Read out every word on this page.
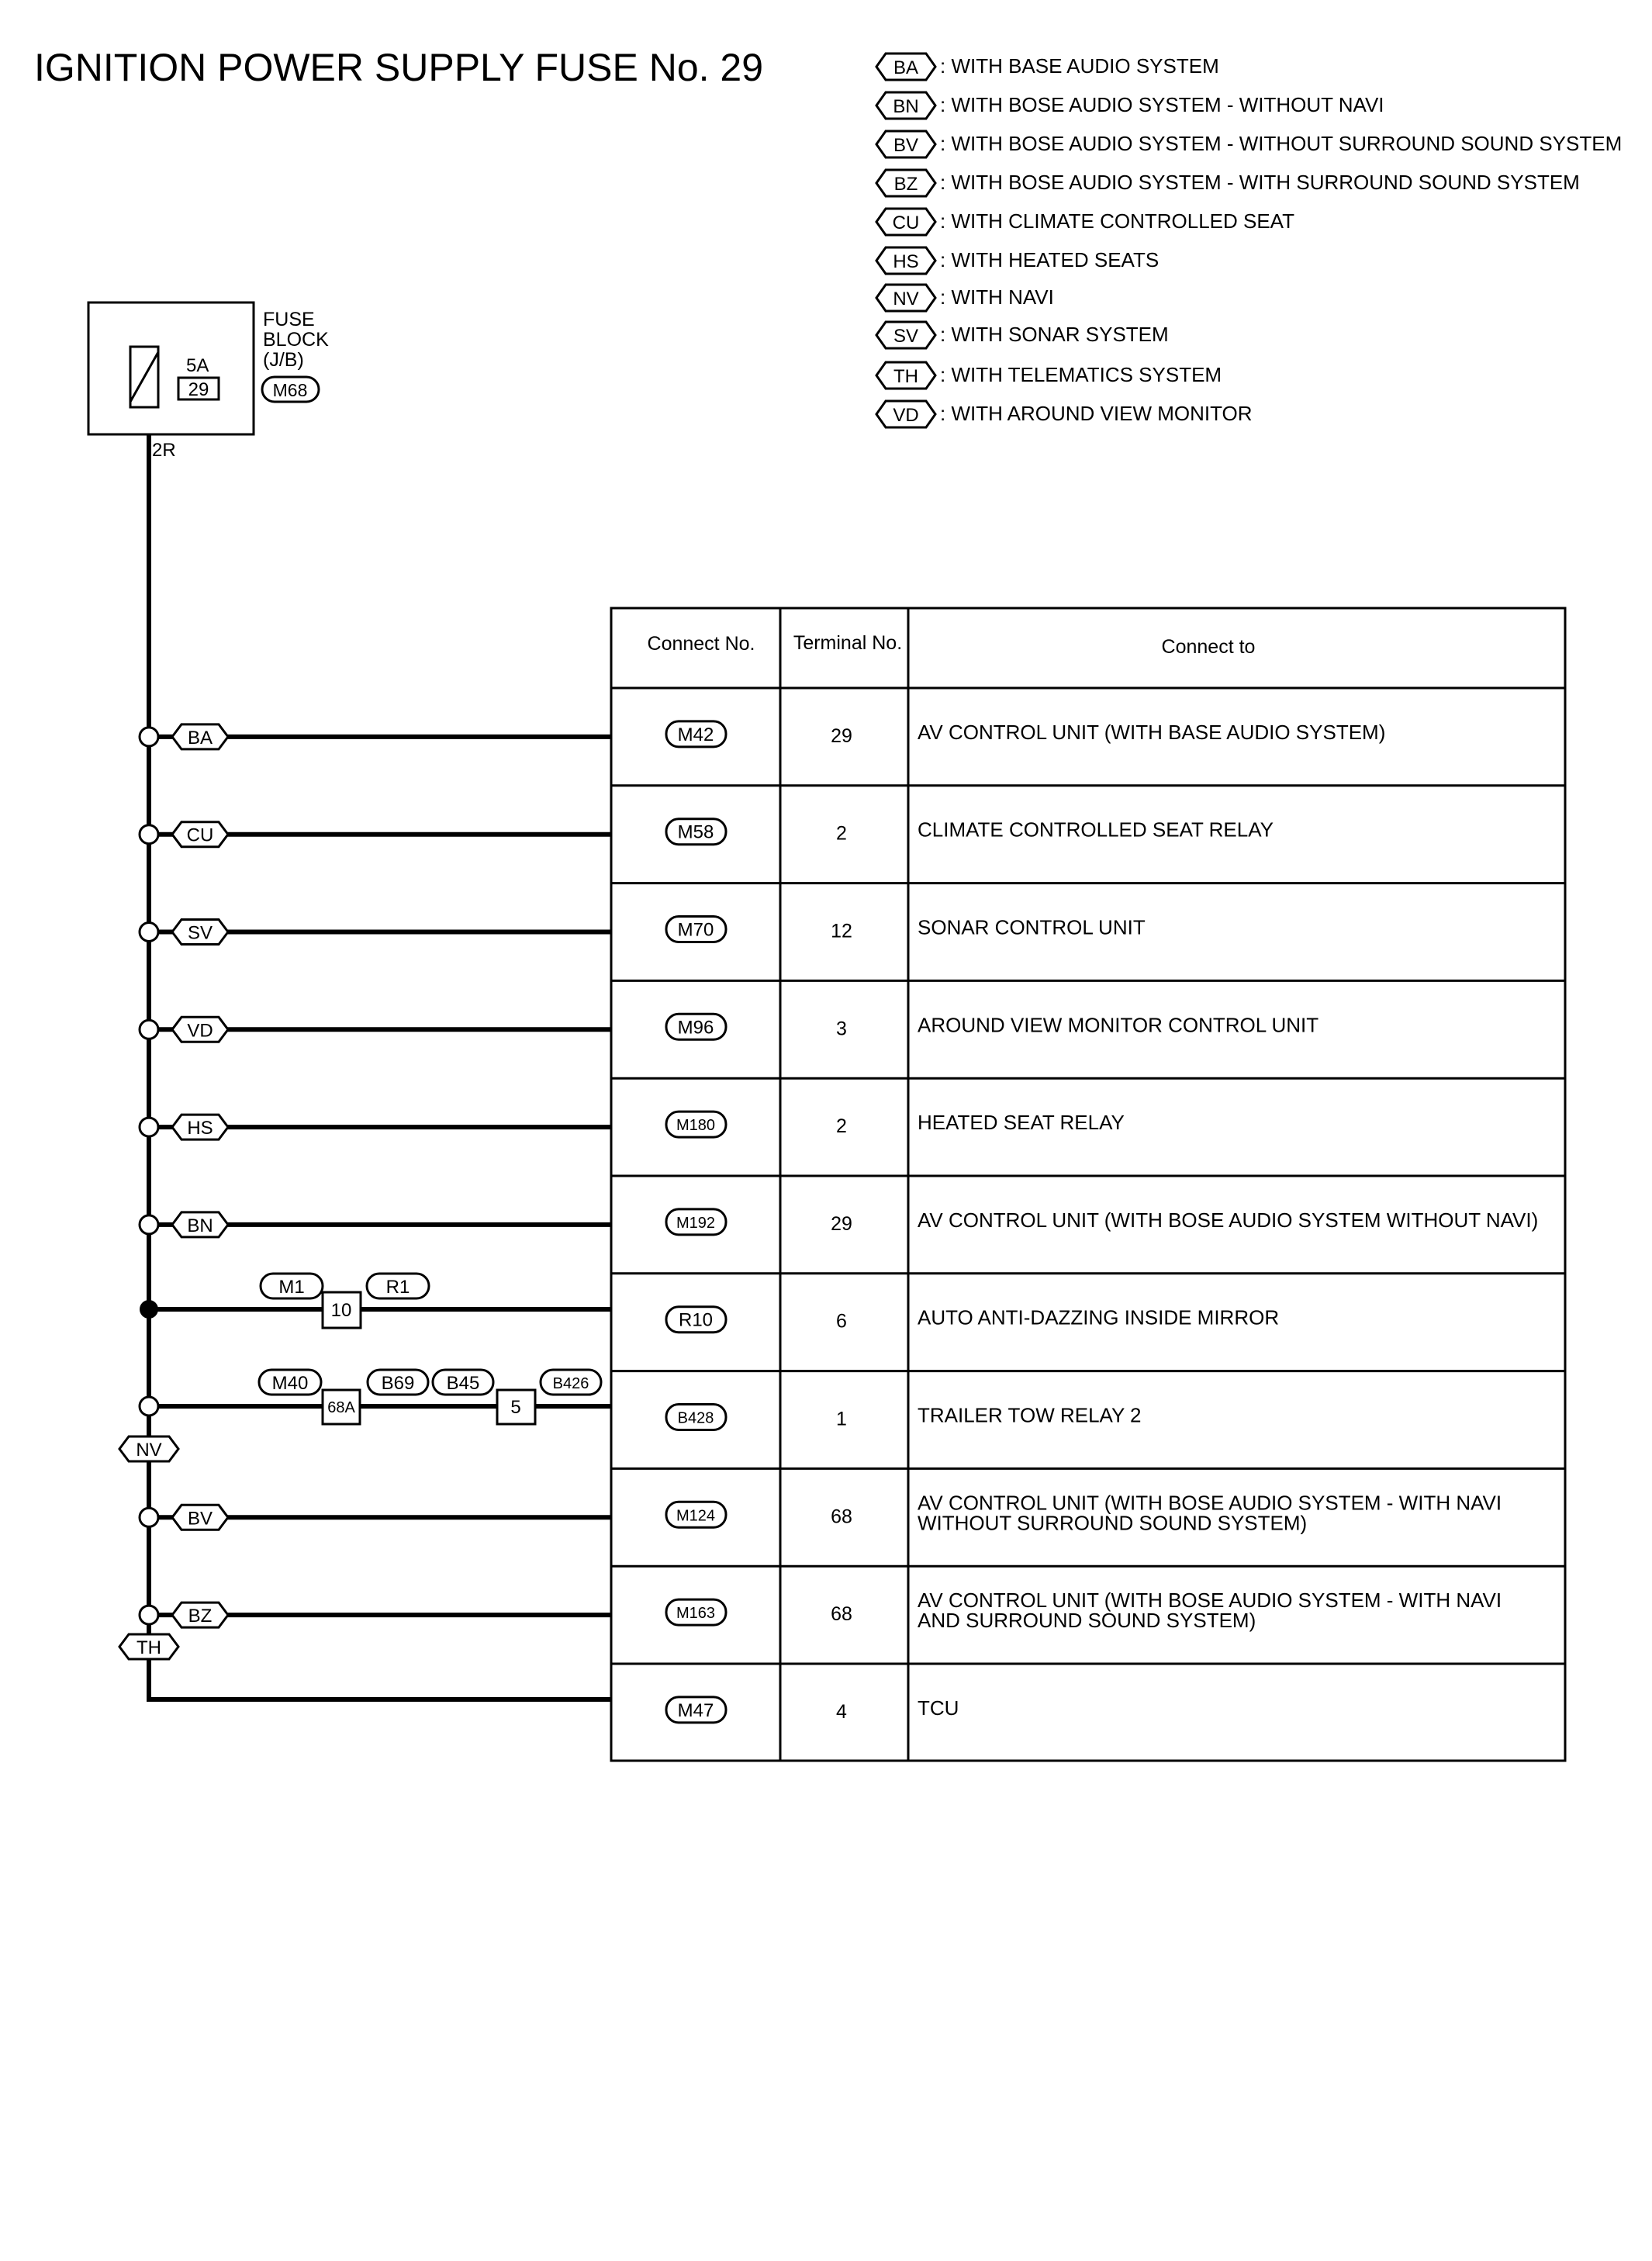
IGNITION POWER SUPPLY FUSE No. 29	BA : WITH BASE AUDIO SYSTEM
BN : WITH BOSE AUDIO SYSTEM - WITHOUT NAVI
BV : WITH BOSE AUDIO SYSTEM - WITHOUT SURROUND SOUND SYSTEM
BZ : WITH BOSE AUDIO SYSTEM - WITH SURROUND SOUND SYSTEM
CU : WITH CLIMATE CONTROLLED SEAT
HS : WITH HEATED SEATS
NV : WITH NAVI
SV : WITH SONAR SYSTEM
TH : WITH TELEMATICS SYSTEM
VD : WITH AROUND VIEW MONITOR
5A
29
FUSE
BLOCK
(J/B)
M68
2R
BA
CU
SV
VD
HS
BN
BV
BZ
M1	R1
10
M40
68A
B69 B45
5
B426
NV
TH
Connect No. Terminal No.	Connect to
M42	29	AV CONTROL UNIT (WITH BASE AUDIO SYSTEM)
M58	2	CLIMATE CONTROLLED SEAT RELAY
M70	12	SONAR CONTROL UNIT
M96	3	AROUND VIEW MONITOR CONTROL UNIT
M180	2	HEATED SEAT RELAY
M192	29	AV CONTROL UNIT (WITH BOSE AUDIO SYSTEM WITHOUT NAVI)
R10	6	AUTO ANTI-DAZZING INSIDE MIRROR
B428	1	TRAILER TOW RELAY 2
M124	68
AV CONTROL UNIT (WITH BOSE AUDIO SYSTEM - WITH NAVI
WITHOUT SURROUND SOUND SYSTEM)
M163	68
AV CONTROL UNIT (WITH BOSE AUDIO SYSTEM - WITH NAVI
AND SURROUND SOUND SYSTEM)
M47	4	TCU
